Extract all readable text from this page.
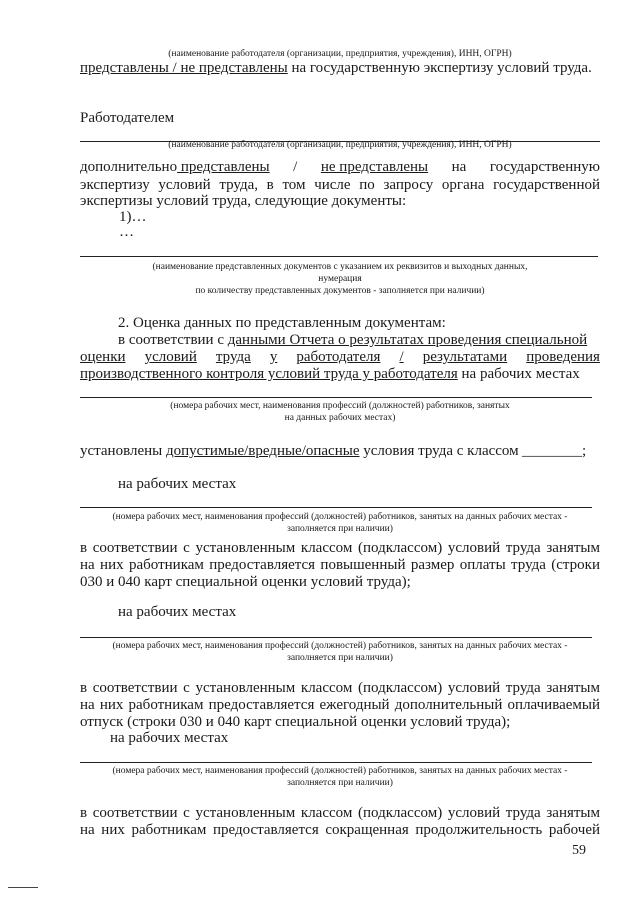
(наименование работодателя (организации, предприятия, учреждения), ИНН, ОГРН)
представлены / не представлены на государственную экспертизу условий труда.
Работодателем
(наименование работодателя (организации, предприятия, учреждения), ИНН, ОГРН)
дополнительно представлены / не представлены на государственную
экспертизу условий труда, в том числе по запросу органа государственной
экспертизы условий труда, следующие документы:
1)…
…
(наименование представленных документов с указанием их реквизитов и выходных данных,
нумерация
по количеству представленных документов - заполняется при наличии)
2. Оценка данных по представленным документам:
в соответствии с данными Отчета о результатах проведения специальной
оценки условий труда у работодателя / результатами проведения
производственного контроля условий труда у работодателя на рабочих местах
(номера рабочих мест, наименования профессий (должностей) работников, занятых
на данных рабочих местах)
установлены допустимые/вредные/опасные условия труда с классом ________;
на рабочих местах
(номера рабочих мест, наименования профессий (должностей) работников, занятых на данных рабочих местах -
заполняется при наличии)
в соответствии с установленным классом (подклассом) условий труда занятым
на них работникам предоставляется повышенный размер оплаты труда (строки
030 и 040 карт специальной оценки условий труда);
на рабочих местах
(номера рабочих мест, наименования профессий (должностей) работников, занятых на данных рабочих местах -
заполняется при наличии)
в соответствии с установленным классом (подклассом) условий труда занятым
на них работникам предоставляется ежегодный дополнительный оплачиваемый
отпуск (строки 030 и 040 карт специальной оценки условий труда);
на рабочих местах
(номера рабочих мест, наименования профессий (должностей) работников, занятых на данных рабочих местах -
заполняется при наличии)
в соответствии с установленным классом (подклассом) условий труда занятым
на них работникам предоставляется сокращенная продолжительность рабочей
59
